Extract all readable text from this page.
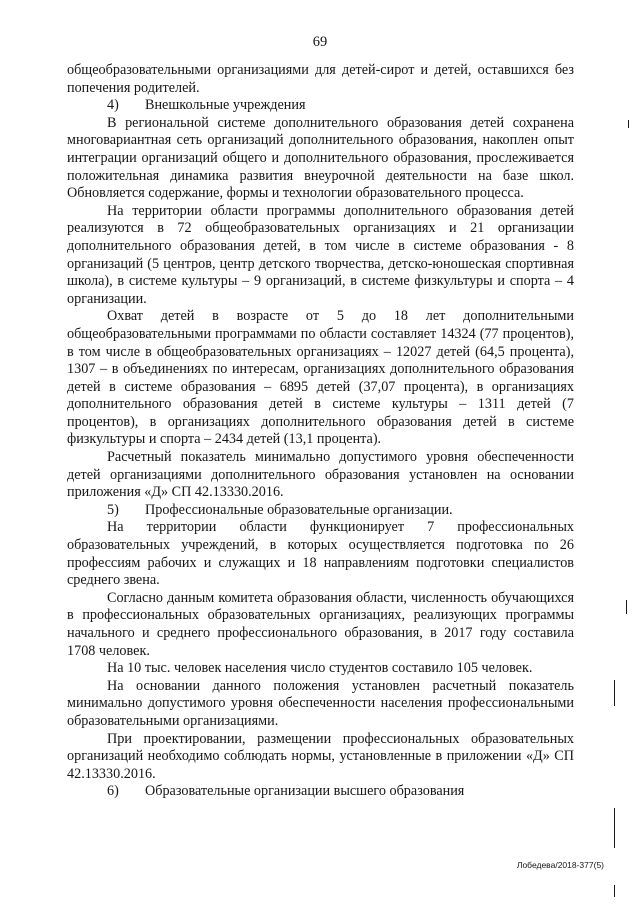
69

общеобразовательными организациями для детей-сирот и детей, оставшихся без попечения родителей.

4) Внешкольные учреждения

В региональной системе дополнительного образования детей сохранена многовариантная сеть организаций дополнительного образования, накоплен опыт интеграции организаций общего и дополнительного образования, прослеживается положительная динамика развития внеурочной деятельности на базе школ. Обновляется содержание, формы и технологии образовательного процесса.

На территории области программы дополнительного образования детей реализуются в 72 общеобразовательных организациях и 21 организации дополнительного образования детей, в том числе в системе образования - 8 организаций (5 центров, центр детского творчества, детско-юношеская спортивная школа), в системе культуры – 9 организаций, в системе физкультуры и спорта – 4 организации.

Охват детей в возрасте от 5 до 18 лет дополнительными общеобразовательными программами по области составляет 14324 (77 процентов), в том числе в общеобразовательных организациях – 12027 детей (64,5 процента), 1307 – в объединениях по интересам, организациях дополнительного образования детей в системе образования – 6895 детей (37,07 процента), в организациях дополнительного образования детей в системе культуры – 1311 детей (7 процентов), в организациях дополнительного образования детей в системе физкультуры и спорта – 2434 детей (13,1 процента).

Расчетный показатель минимально допустимого уровня обеспеченности детей организациями дополнительного образования установлен на основании приложения «Д» СП 42.13330.2016.

5) Профессиональные образовательные организации.

На территории области функционирует 7 профессиональных образовательных учреждений, в которых осуществляется подготовка по 26 профессиям рабочих и служащих и 18 направлениям подготовки специалистов среднего звена.

Согласно данным комитета образования области, численность обучающихся в профессиональных образовательных организациях, реализующих программы начального и среднего профессионального образования, в 2017 году составила 1708 человек.

На 10 тыс. человек населения число студентов составило 105 человек.

На основании данного положения установлен расчетный показатель минимально допустимого уровня обеспеченности населения профессиональными образовательными организациями.

При проектировании, размещении профессиональных образовательных организаций необходимо соблюдать нормы, установленные в приложении «Д» СП 42.13330.2016.

6) Образовательные организации высшего образования

Лобедева/2018-377(5)
